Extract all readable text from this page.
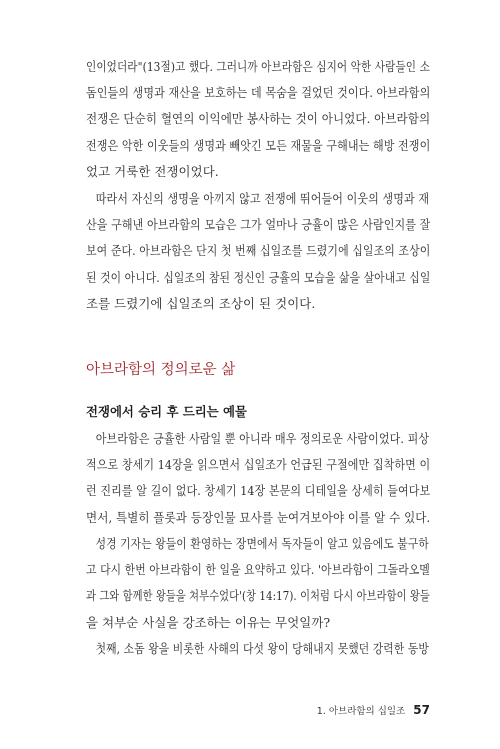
인이었더라"(13절)고 했다. 그러니까 아브라함은 심지어 악한 사람들인 소
돔인들의 생명과 재산을 보호하는 데 목숨을 걸었던 것이다. 아브라함의
전쟁은 단순히 혈연의 이익에만 봉사하는 것이 아니었다. 아브라함의
전쟁은 악한 이웃들의 생명과 빼앗긴 모든 재물을 구해내는 해방 전쟁이
었고 거룩한 전쟁이었다.
따라서 자신의 생명을 아끼지 않고 전쟁에 뛰어들어 이웃의 생명과 재
산을 구해낸 아브라함의 모습은 그가 얼마나 긍휼이 많은 사람인지를 잘
보여 준다. 아브라함은 단지 첫 번째 십일조를 드렸기에 십일조의 조상이
된 것이 아니다. 십일조의 참된 정신인 긍휼의 모습을 삶을 살아내고 십일
조를 드렸기에 십일조의 조상이 된 것이다.
아브라함의 정의로운 삶
전쟁에서 승리 후 드리는 예물
아브라함은 긍휼한 사람일 뿐 아니라 매우 정의로운 사람이었다. 피상
적으로 창세기 14장을 읽으면서 십일조가 언급된 구절에만 집착하면 이
런 진리를 알 길이 없다. 창세기 14장 본문의 디테일을 상세히 들여다보
면서, 특별히 플롯과 등장인물 묘사를 눈여겨보아야 이를 알 수 있다.
성경 기자는 왕들이 환영하는 장면에서 독자들이 알고 있음에도 불구하
고 다시 한번 아브라함이 한 일을 요약하고 있다. '아브라함이 그돌라오멜
과 그와 함께한 왕들을 쳐부수었다'(창 14:17). 이처럼 다시 아브라함이 왕들
을 쳐부순 사실을 강조하는 이유는 무엇일까?
첫째, 소돔 왕을 비롯한 사해의 다섯 왕이 당해내지 못했던 강력한 동방
1. 아브라함의 십일조 57
